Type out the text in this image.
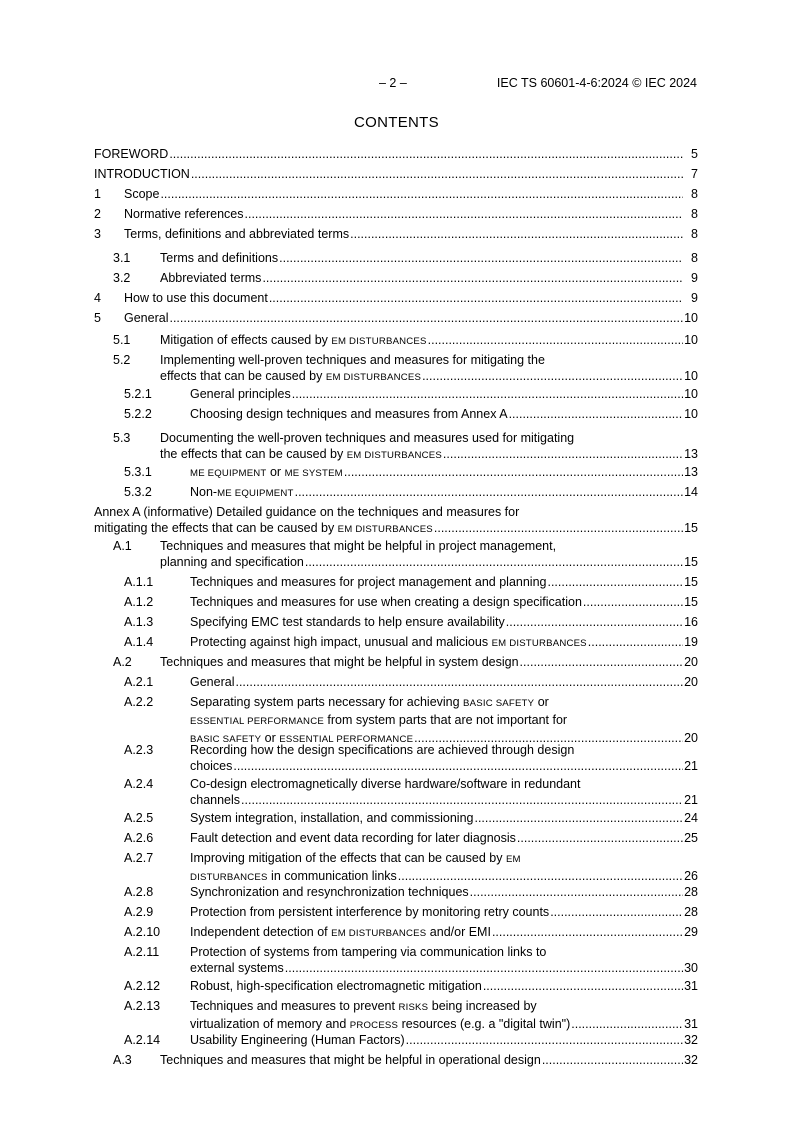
– 2 –	IEC TS 60601-4-6:2024 © IEC 2024
CONTENTS
FOREWORD .....	5
INTRODUCTION .....	7
1 Scope .....	8
2 Normative references .....	8
3 Terms, definitions and abbreviated terms .....	8
3.1 Terms and definitions .....	8
3.2 Abbreviated terms .....	9
4 How to use this document .....	9
5 General .....	10
5.1 Mitigation of effects caused by EM DISTURBANCES .....	10
5.2 Implementing well-proven techniques and measures for mitigating the
effects that can be caused by EM DISTURBANCES .....	10
5.2.1	General principles .....	10
5.2.2	Choosing design techniques and measures from Annex A .....	10
5.3 Documenting the well-proven techniques and measures used for mitigating
the effects that can be caused by EM DISTURBANCES .....	13
5.3.1	ME EQUIPMENT or ME SYSTEM .....	13
5.3.2	Non-ME EQUIPMENT .....	14
Annex A (informative) Detailed guidance on the techniques and measures for
mitigating the effects that can be caused by EM DISTURBANCES .....	15
A.1 Techniques and measures that might be helpful in project management,
planning and specification .....	15
A.1.1	Techniques and measures for project management and planning .....	15
A.1.2	Techniques and measures for use when creating a design specification .....	15
A.1.3	Specifying EMC test standards to help ensure availability .....	16
A.1.4	Protecting against high impact, unusual and malicious EM DISTURBANCES .....	19
A.2 Techniques and measures that might be helpful in system design .....	20
A.2.1	General .....	20
A.2.2	Separating system parts necessary for achieving BASIC SAFETY or
ESSENTIAL PERFORMANCE from system parts that are not important for
BASIC SAFETY or ESSENTIAL PERFORMANCE .....	20
A.2.3	Recording how the design specifications are achieved through design
choices .....	21
A.2.4	Co-design electromagnetically diverse hardware/software in redundant
channels .....	21
A.2.5	System integration, installation, and commissioning .....	24
A.2.6	Fault detection and event data recording for later diagnosis .....	25
A.2.7	Improving mitigation of the effects that can be caused by EM
DISTURBANCES in communication links .....	26
A.2.8	Synchronization and resynchronization techniques .....	28
A.2.9	Protection from persistent interference by monitoring retry counts .....	28
A.2.10 Independent detection of EM DISTURBANCES and/or EMI .....	29
A.2.11 Protection of systems from tampering via communication links to
external systems .....	30
A.2.12 Robust, high-specification electromagnetic mitigation .....	31
A.2.13 Techniques and measures to prevent RISKS being increased by
virtualization of memory and PROCESS resources (e.g. a "digital twin") .....	31
A.2.14 Usability Engineering (Human Factors) .....	32
A.3 Techniques and measures that might be helpful in operational design .....	32
